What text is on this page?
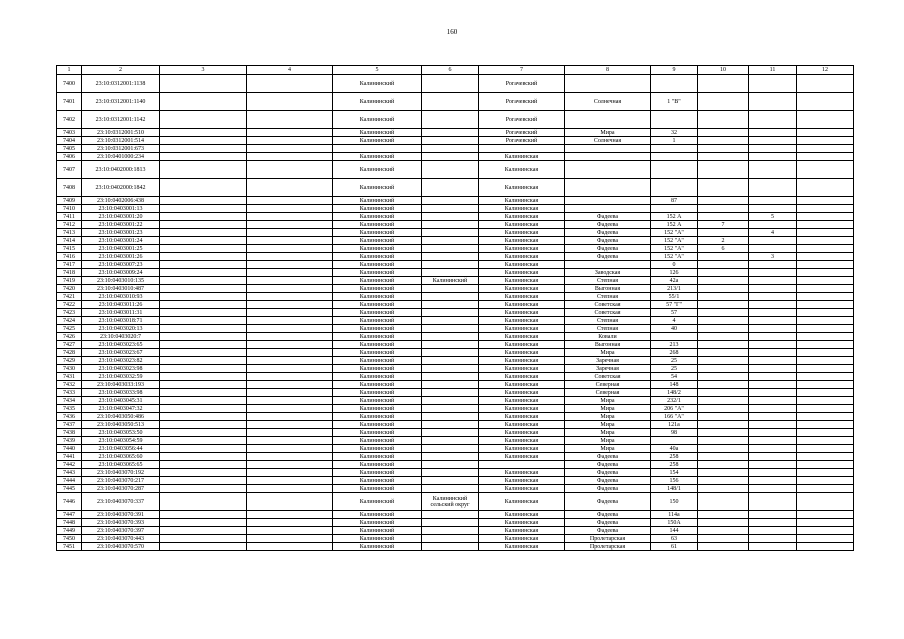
160
1	2	3	4	5	6	7	8	9	10	11	12
7400	23:10:0312001:1138			Калининский		Рогачевский					
7401	23:10:0312001:1140			Калининский		Рогачевский	Солнечная	1 "В"			
7402	23:10:0312001:1142			Калининский		Рогачевский					
7403	23:10:0312001:510			Калининский		Рогачевский	Мира	32			
7404	23:10:0312001:514			Калининский		Рогачевский	Солнечная	1			
7405	23:10:0312001:673										
7406	23:10:0401000:234			Калининский		Калининская					
7407	23:10:0402000:1813			Калининский		Калининская					
7408	23:10:0402000:1842			Калининский		Калининская					
7409	23:10:0402006:438			Калининский		Калининская		87			
7410	23:10:0403001:13			Калининский		Калининская					
7411	23:10:0403001:20			Калининский		Калининская	Фадеева	152 А		5	
7412	23:10:0403001:22			Калининский		Калининская	Фадеева	152 А	7		
7413	23:10:0403001:23			Калининский		Калининская	Фадеева	152 "А"		4	
7414	23:10:0403001:24			Калининский		Калининская	Фадеева	152 "А"	2		
7415	23:10:0403001:25			Калининский		Калининская	Фадеева	152 "А"	6		
7416	23:10:0403001:26			Калининский		Калининская	Фадеева	152 "А"		3	
7417	23:10:0403007:23			Калининский		Калининская		0			
7418	23:10:0403009:24			Калининский		Калининская	Заводская	126			
7419	23:10:0403010:135			Калининский	Калининский	Калининская	Степная	42а			
7420	23:10:0403010:487			Калининский		Калининская	Выгонная	213/1			
7421	23:10:0403010:93			Калининский		Калининская	Степная	55/1			
7422	23:10:0403011:26			Калининский		Калининская	Советская	57 "Г"			
7423	23:10:0403011:31			Калининский		Калининская	Советская	57			
7424	23:10:0403018:71			Калининский		Калининская	Степная	4			
7425	23:10:0403020:13			Калининский		Калининская	Степная	40			
7426	23:10:0403020:7			Калининский		Калининская	Ковали				
7427	23:10:0403023:65			Калининский		Калининская	Выгонная	213			
7428	23:10:0403023:67			Калининский		Калининская	Мира	268			
7429	23:10:0403023:82			Калининский		Калининская	Заречная	25			
7430	23:10:0403023:98			Калининский		Калининская	Заречная	25			
7431	23:10:0403032:59			Калининский		Калининская	Советская	54			
7432	23:10:0403033:193			Калининский		Калининская	Северная	148			
7433	23:10:0403033:98			Калининский		Калининская	Северная	148/2			
7434	23:10:0403045:31			Калининский		Калининская	Мира	232/1			
7435	23:10:0403047:32			Калининский		Калининская	Мира	206 "А"			
7436	23:10:0403050:486			Калининский		Калининская	Мира	166 "А"			
7437	23:10:0403050:513			Калининский		Калининская	Мира	121а			
7438	23:10:0403053:50			Калининский		Калининская	Мира	98			
7439	23:10:0403054:59			Калининский		Калининская	Мира				
7440	23:10:0403056:44			Калининский		Калининская	Мира	40а			
7441	23:10:0403065:60			Калининский		Калининская	Фадеева	258			
7442	23:10:0403065:65			Калининский			Фадеева	258			
7443	23:10:0403070:192			Калининский		Калининская	Фадеева	154			
7444	23:10:0403070:217			Калининский		Калининская	Фадеева	156			
7445	23:10:0403070:287			Калининский		Калининская	Фадеева	148/1			
7446	23:10:0403070:337			Калининский	Калининский сельский округ	Калининская	Фадеева	150			
7447	23:10:0403070:391			Калининский		Калининская	Фадеева	114а			
7448	23:10:0403070:393			Калининский		Калининская	Фадеева	150А			
7449	23:10:0403070:397			Калининский		Калининская	Фадеева	144			
7450	23:10:0403070:443			Калининский		Калининская	Пролетарская	63			
7451	23:10:0403070:570			Калининский		Калининская	Пролетарская	61			
